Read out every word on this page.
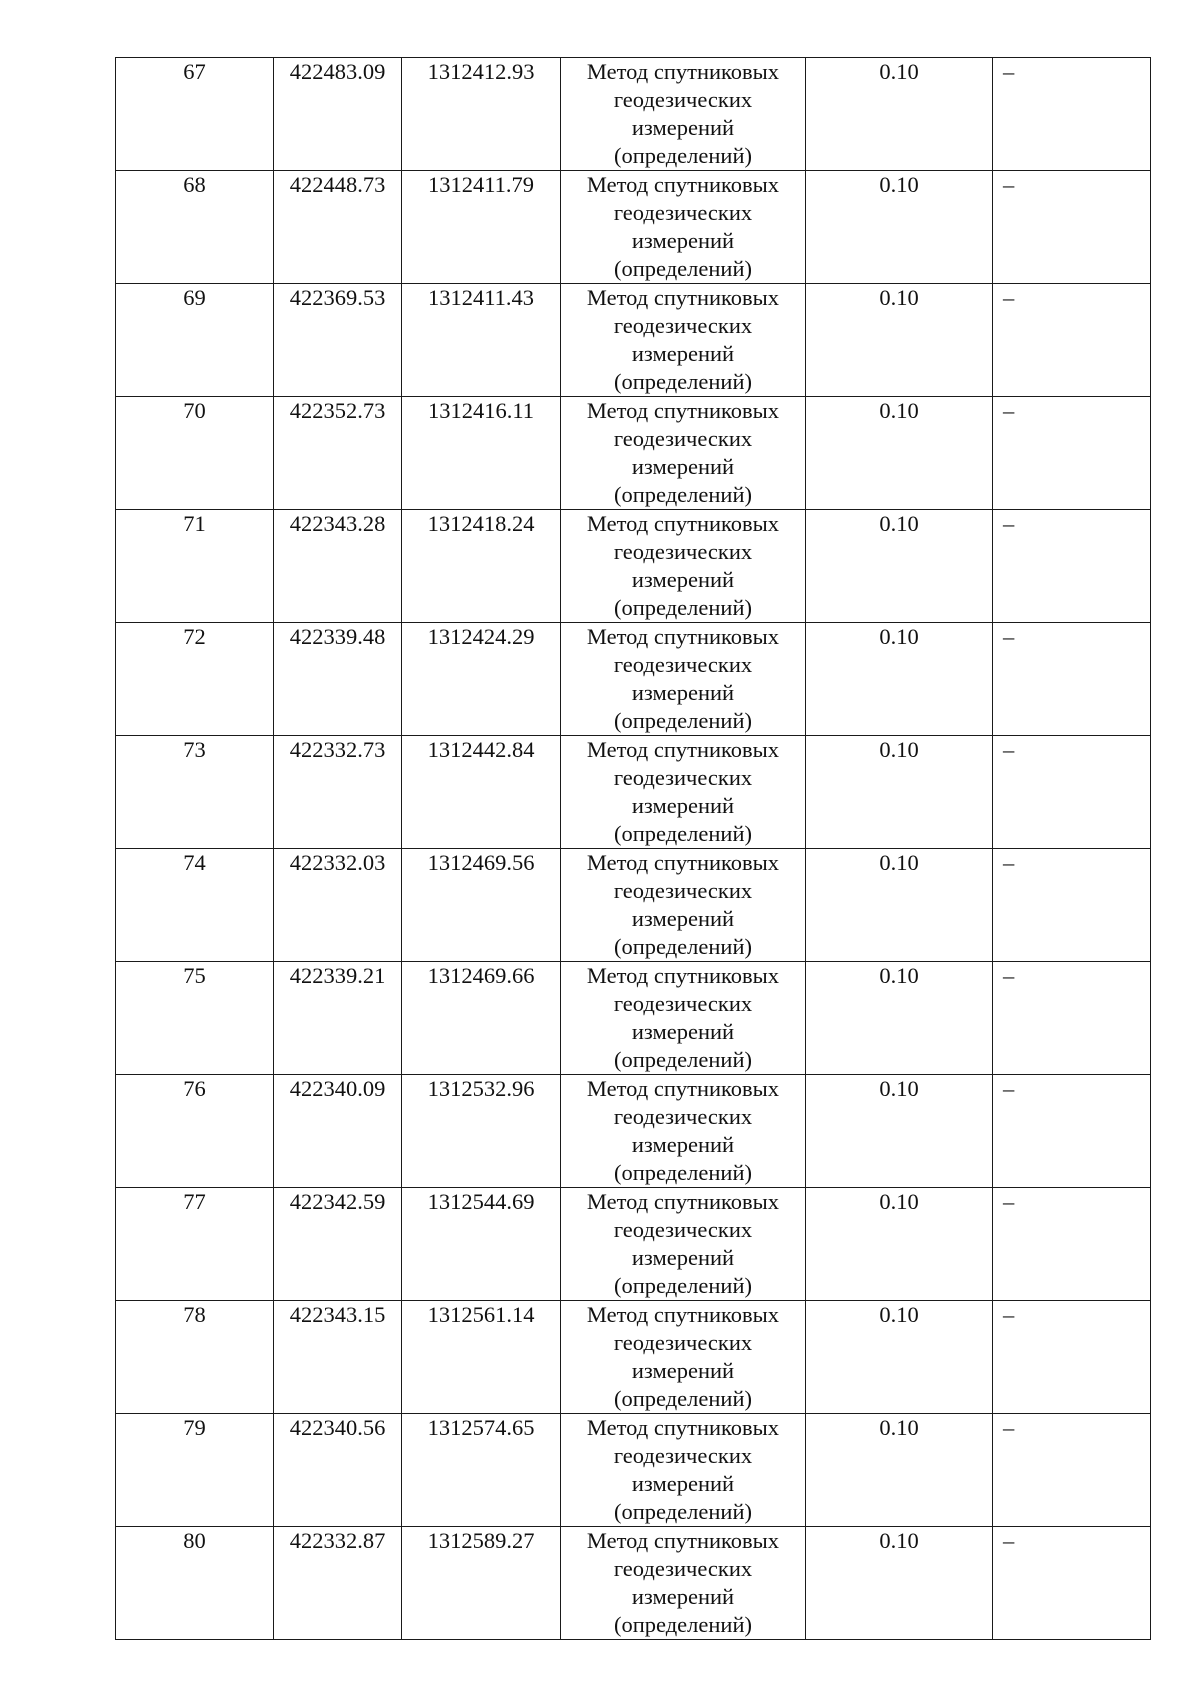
67	422483.09	1312412.93	Метод спутниковых
геодезических
измерений
(определений)	0.10	–
68	422448.73	1312411.79	Метод спутниковых
геодезических
измерений
(определений)	0.10	–
69	422369.53	1312411.43	Метод спутниковых
геодезических
измерений
(определений)	0.10	–
70	422352.73	1312416.11	Метод спутниковых
геодезических
измерений
(определений)	0.10	–
71	422343.28	1312418.24	Метод спутниковых
геодезических
измерений
(определений)	0.10	–
72	422339.48	1312424.29	Метод спутниковых
геодезических
измерений
(определений)	0.10	–
73	422332.73	1312442.84	Метод спутниковых
геодезических
измерений
(определений)	0.10	–
74	422332.03	1312469.56	Метод спутниковых
геодезических
измерений
(определений)	0.10	–
75	422339.21	1312469.66	Метод спутниковых
геодезических
измерений
(определений)	0.10	–
76	422340.09	1312532.96	Метод спутниковых
геодезических
измерений
(определений)	0.10	–
77	422342.59	1312544.69	Метод спутниковых
геодезических
измерений
(определений)	0.10	–
78	422343.15	1312561.14	Метод спутниковых
геодезических
измерений
(определений)	0.10	–
79	422340.56	1312574.65	Метод спутниковых
геодезических
измерений
(определений)	0.10	–
80	422332.87	1312589.27	Метод спутниковых
геодезических
измерений
(определений)	0.10	–
